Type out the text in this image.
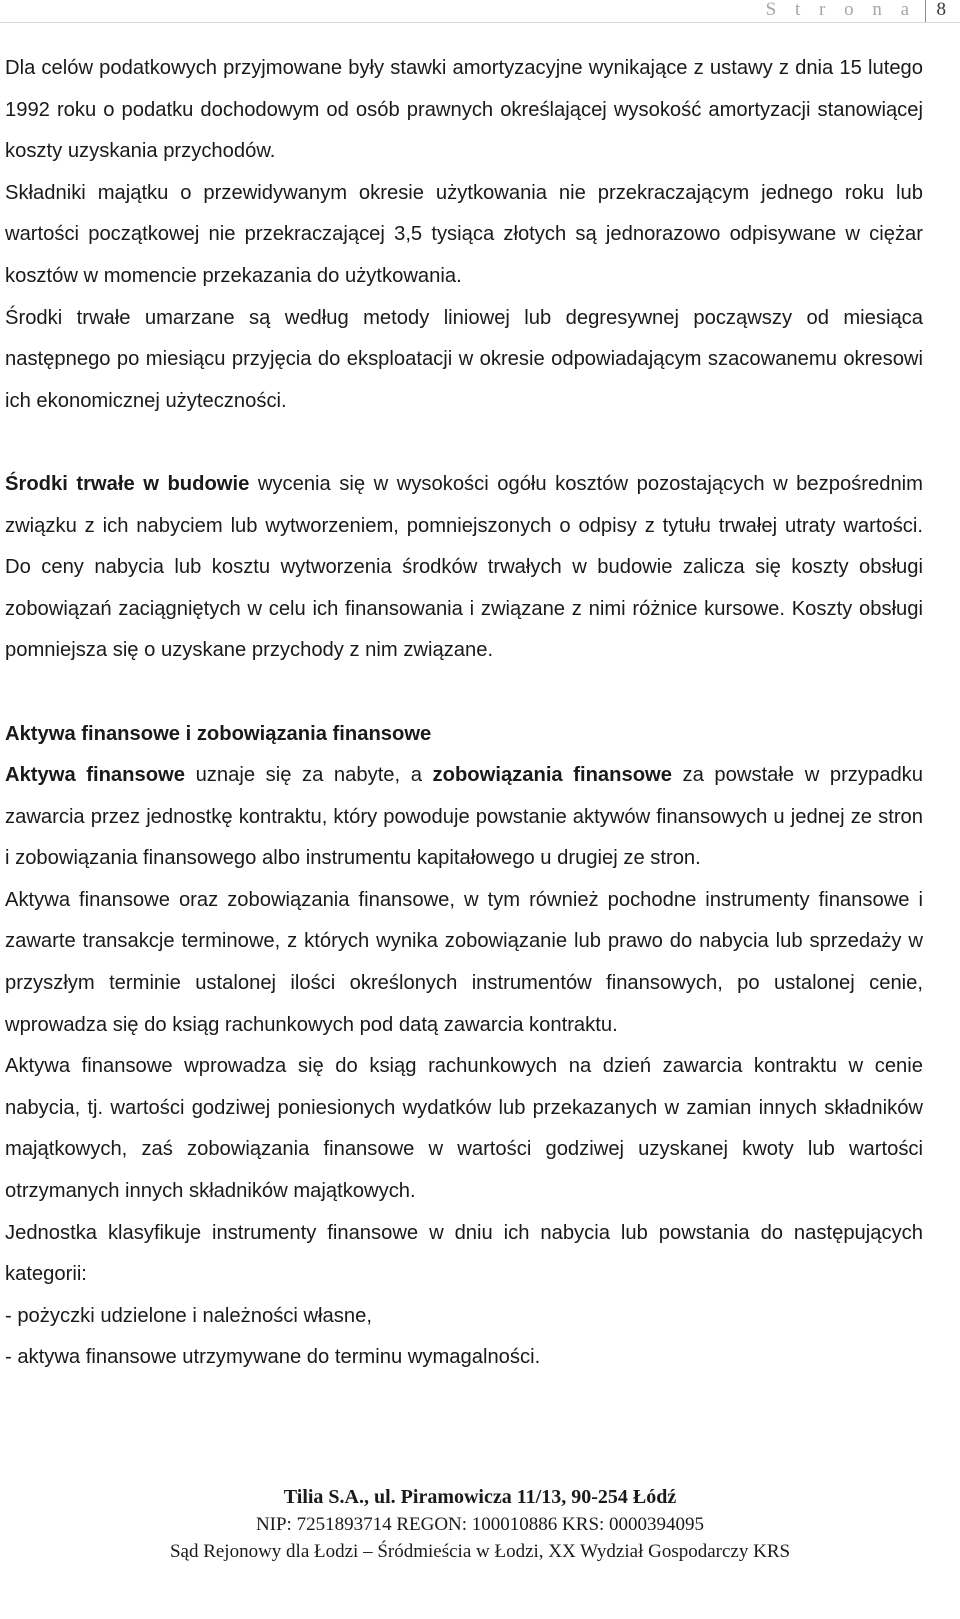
S t r o n a 8

Dla celów podatkowych przyjmowane były stawki amortyzacyjne wynikające z ustawy z dnia 15 lutego 1992 roku o podatku dochodowym od osób prawnych określającej wysokość amortyzacji stanowiącej koszty uzyskania przychodów.

Składniki majątku o przewidywanym okresie użytkowania nie przekraczającym jednego roku lub wartości początkowej nie przekraczającej 3,5 tysiąca złotych są jednorazowo odpisywane w ciężar kosztów w momencie przekazania do użytkowania.

Środki trwałe umarzane są według metody liniowej lub degresywnej począwszy od miesiąca następnego po miesiącu przyjęcia do eksploatacji w okresie odpowiadającym szacowanemu okresowi ich ekonomicznej użyteczności.

Środki trwałe w budowie wycenia się w wysokości ogółu kosztów pozostających w bezpośrednim związku z ich nabyciem lub wytworzeniem, pomniejszonych o odpisy z tytułu trwałej utraty wartości. Do ceny nabycia lub kosztu wytworzenia środków trwałych w budowie zalicza się koszty obsługi zobowiązań zaciągniętych w celu ich finansowania i związane z nimi różnice kursowe. Koszty obsługi pomniejsza się o uzyskane przychody z nim związane.

Aktywa finansowe i zobowiązania finansowe

Aktywa finansowe uznaje się za nabyte, a zobowiązania finansowe za powstałe w przypadku zawarcia przez jednostkę kontraktu, który powoduje powstanie aktywów finansowych u jednej ze stron i zobowiązania finansowego albo instrumentu kapitałowego u drugiej ze stron.

Aktywa finansowe oraz zobowiązania finansowe, w tym również pochodne instrumenty finansowe i zawarte transakcje terminowe, z których wynika zobowiązanie lub prawo do nabycia lub sprzedaży w przyszłym terminie ustalonej ilości określonych instrumentów finansowych, po ustalonej cenie, wprowadza się do ksiąg rachunkowych pod datą zawarcia kontraktu.

Aktywa finansowe wprowadza się do ksiąg rachunkowych na dzień zawarcia kontraktu w cenie nabycia, tj. wartości godziwej poniesionych wydatków lub przekazanych w zamian innych składników majątkowych, zaś zobowiązania finansowe w wartości godziwej uzyskanej kwoty lub wartości otrzymanych innych składników majątkowych.

Jednostka klasyfikuje instrumenty finansowe w dniu ich nabycia lub powstania do następujących kategorii:

- pożyczki udzielone i należności własne,

- aktywa finansowe utrzymywane do terminu wymagalności.

Tilia S.A., ul. Piramowicza 11/13, 90-254 Łódź
NIP: 7251893714 REGON: 100010886 KRS: 0000394095
Sąd Rejonowy dla Łodzi – Śródmieścia w Łodzi, XX Wydział Gospodarczy KRS
